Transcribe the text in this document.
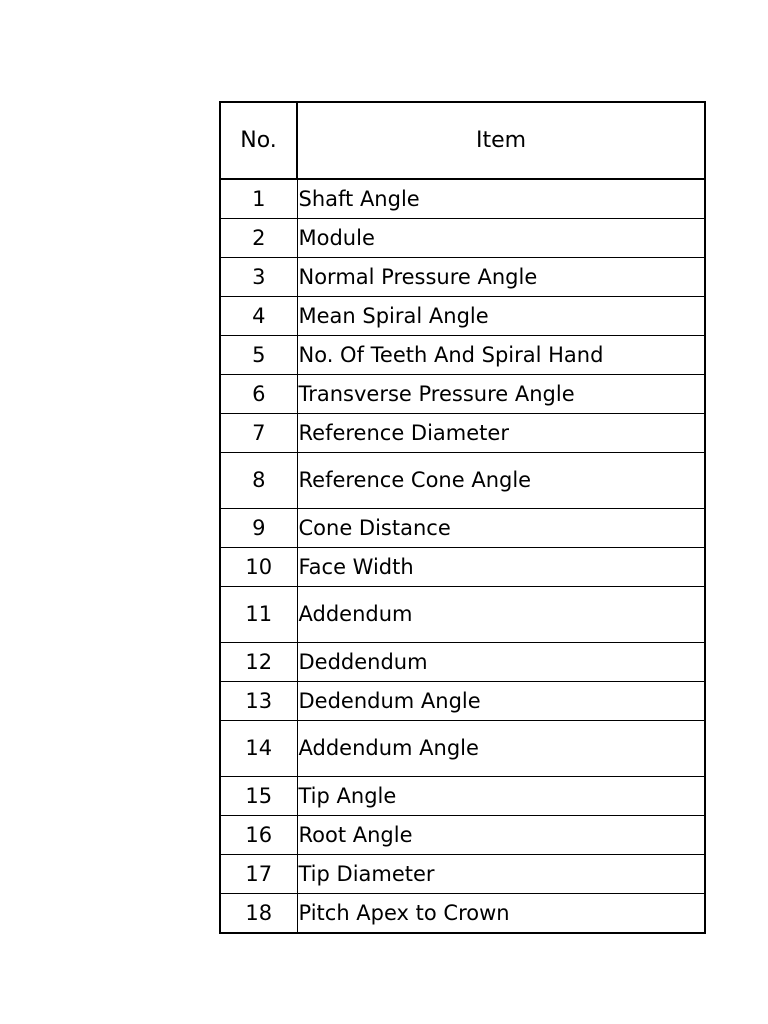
No.	Item
1	Shaft Angle
2	Module
3	Normal Pressure Angle
4	Mean Spiral Angle
5	No. Of Teeth And Spiral Hand
6	Transverse Pressure Angle
7	Reference Diameter
8	Reference Cone Angle
9	Cone Distance
10	Face Width
11	Addendum
12	Deddendum
13	Dedendum Angle
14	Addendum Angle
15	Tip Angle
16	Root Angle
17	Tip Diameter
18	Pitch Apex to Crown
